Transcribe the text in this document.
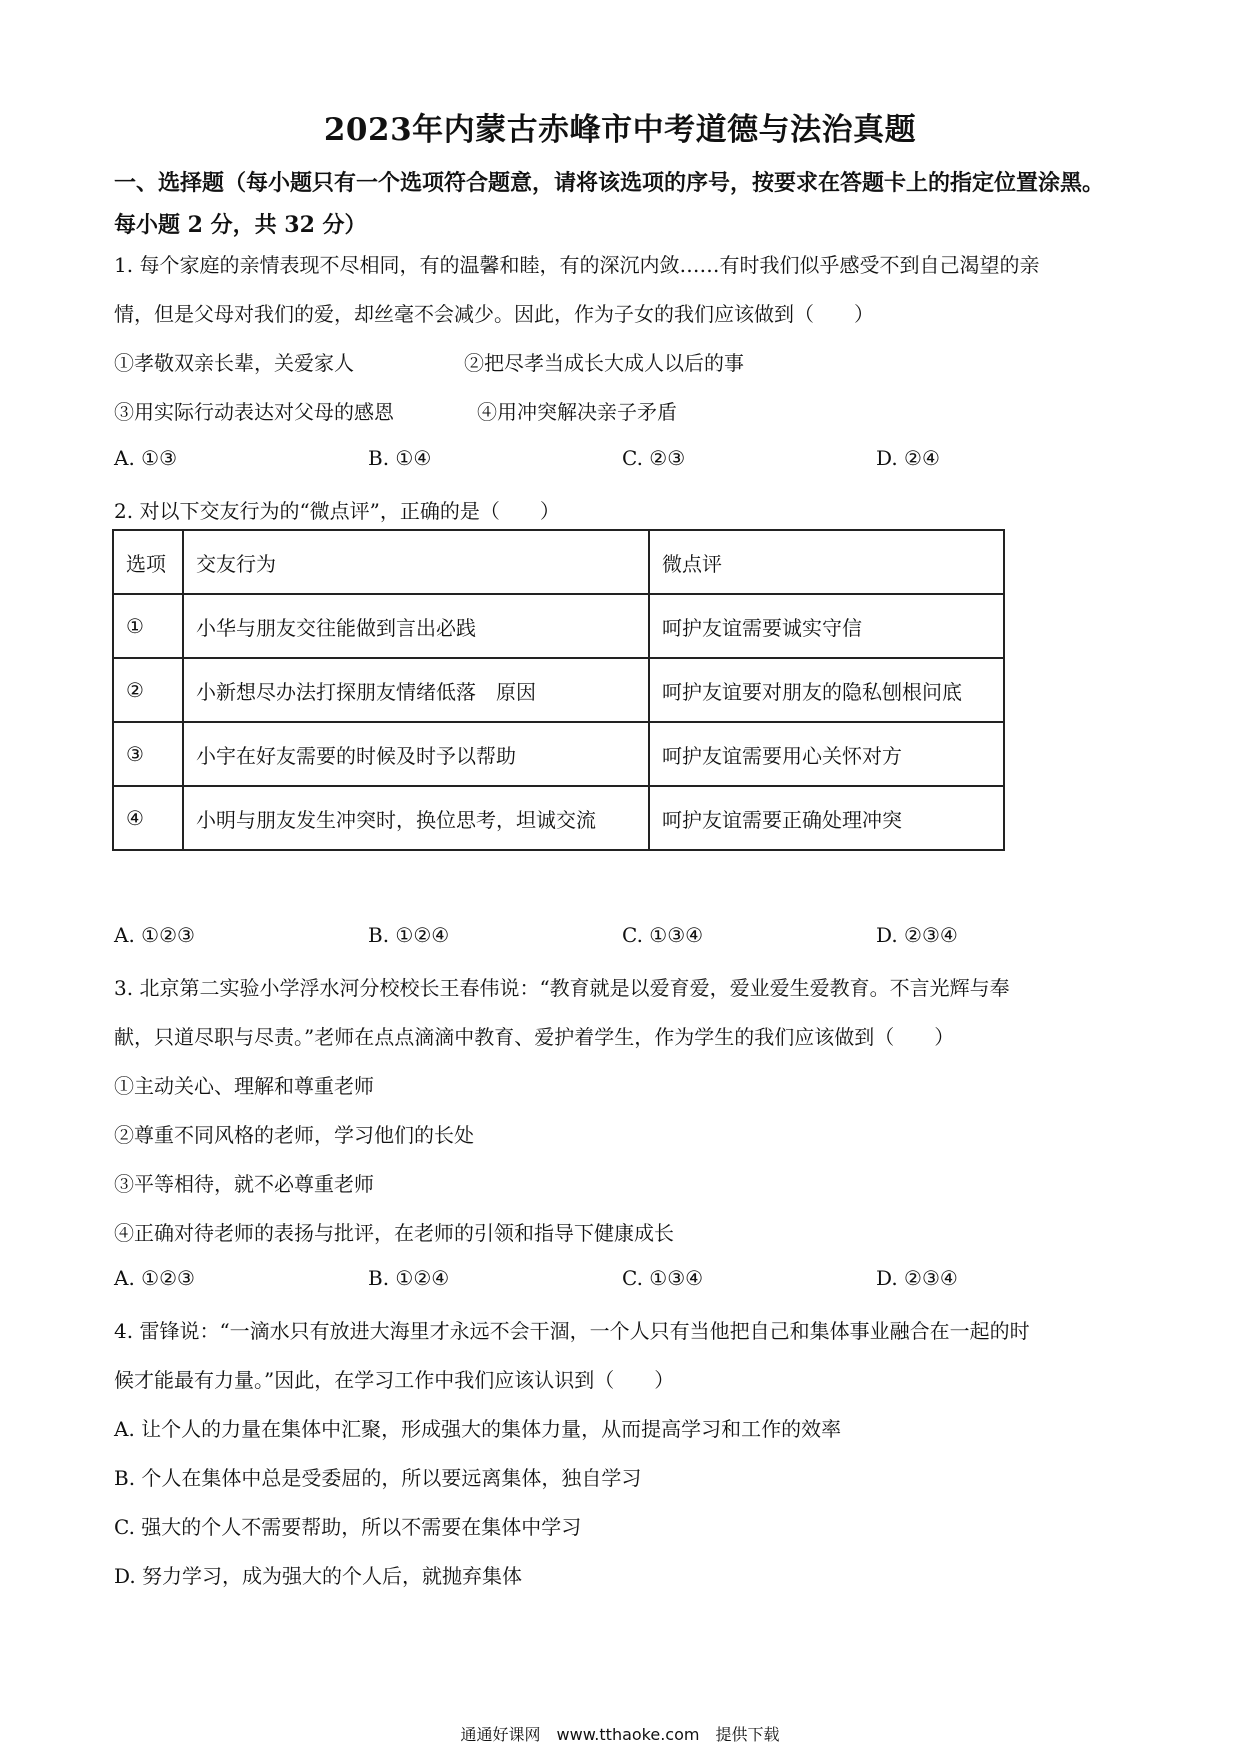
2023年内蒙古赤峰市中考道德与法治真题
一、选择题（每小题只有一个选项符合题意，请将该选项的序号，按要求在答题卡上的指定位置涂黑。每小题 2 分，共 32 分）
1. 每个家庭的亲情表现不尽相同，有的温馨和睦，有的深沉内敛……有时我们似乎感受不到自己渴望的亲
情，但是父母对我们的爱，却丝毫不会减少。因此，作为子女的我们应该做到（　　）
①孝敬双亲长辈，关爱家人	②把尽孝当成长大成人以后的事
③用实际行动表达对父母的感恩	④用冲突解决亲子矛盾
A. ①③	B. ①④	C. ②③	D. ②④
2. 对以下交友行为的“微点评”，正确的是（　　）
选项	交友行为	微点评
①	小华与朋友交往能做到言出必践	呵护友谊需要诚实守信
②	小新想尽办法打探朋友情绪低落　原因	呵护友谊要对朋友的隐私刨根问底
③	小宇在好友需要的时候及时予以帮助	呵护友谊需要用心关怀对方
④	小明与朋友发生冲突时，换位思考，坦诚交流	呵护友谊需要正确处理冲突
A. ①②③	B. ①②④	C. ①③④	D. ②③④
3. 北京第二实验小学浮水河分校校长王春伟说：“教育就是以爱育爱，爱业爱生爱教育。不言光辉与奉
献，只道尽职与尽责。”老师在点点滴滴中教育、爱护着学生，作为学生的我们应该做到（　　）
①主动关心、理解和尊重老师
②尊重不同风格的老师，学习他们的长处
③平等相待，就不必尊重老师
④正确对待老师的表扬与批评，在老师的引领和指导下健康成长
A. ①②③	B. ①②④	C. ①③④	D. ②③④
4. 雷锋说：“一滴水只有放进大海里才永远不会干涸，一个人只有当他把自己和集体事业融合在一起的时
候才能最有力量。”因此，在学习工作中我们应该认识到（　　）
A. 让个人的力量在集体中汇聚，形成强大的集体力量，从而提高学习和工作的效率
B. 个人在集体中总是受委屈的，所以要远离集体，独自学习
C. 强大的个人不需要帮助，所以不需要在集体中学习
D. 努力学习，成为强大的个人后，就抛弃集体
通通好课网　www.tthaoke.com　提供下载
